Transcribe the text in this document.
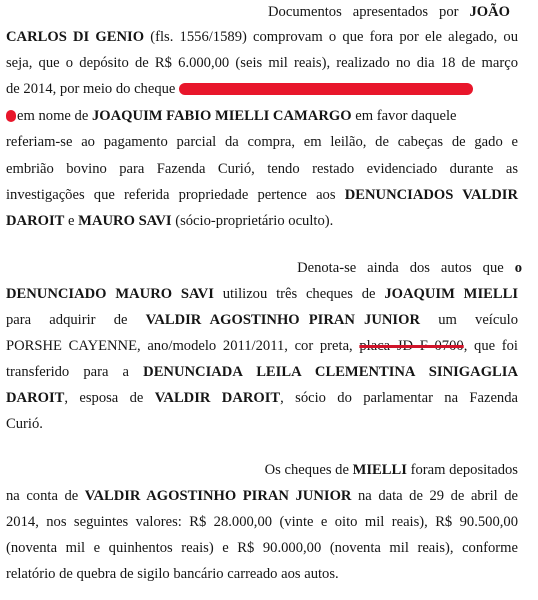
Documentos   apresentados   por   JOÃO
CARLOS DI GENIO (fls. 1556/1589) comprovam o que fora por ele alegado, ou
seja, que o depósito de R$ 6.000,00 (seis mil reais), realizado no dia 18 de março
de 2014, por meio do cheque
em nome de JOAQUIM FABIO MIELLI CAMARGO em favor daquele
referiam-se ao pagamento parcial da compra, em leilão, de cabeças de gado e
embrião bovino para Fazenda Curió, tendo restado evidenciado durante as
investigações que referida propriedade pertence aos DENUNCIADOS VALDIR
DAROIT e MAURO SAVI (sócio-proprietário oculto).
Denota-se   ainda   dos   autos   que   o
DENUNCIADO MAURO SAVI utilizou três cheques de JOAQUIM MIELLI
para  adquirir  de  VALDIR AGOSTINHO PIRAN JUNIOR  um  veículo
PORSHE CAYENNE, ano/modelo 2011/2011, cor preta, placa JD F 0700, que foi
transferido para a DENUNCIADA LEILA CLEMENTINA SINIGAGLIA
DAROIT, esposa de VALDIR DAROIT, sócio do parlamentar na Fazenda
Curió.
Os cheques de MIELLI foram depositados
na conta de VALDIR AGOSTINHO PIRAN JUNIOR na data de 29 de abril de
2014, nos seguintes valores: R$ 28.000,00 (vinte e oito mil reais), R$ 90.500,00
(noventa mil e quinhentos reais) e R$ 90.000,00 (noventa mil reais), conforme
relatório de quebra de sigilo bancário carreado aos autos.
